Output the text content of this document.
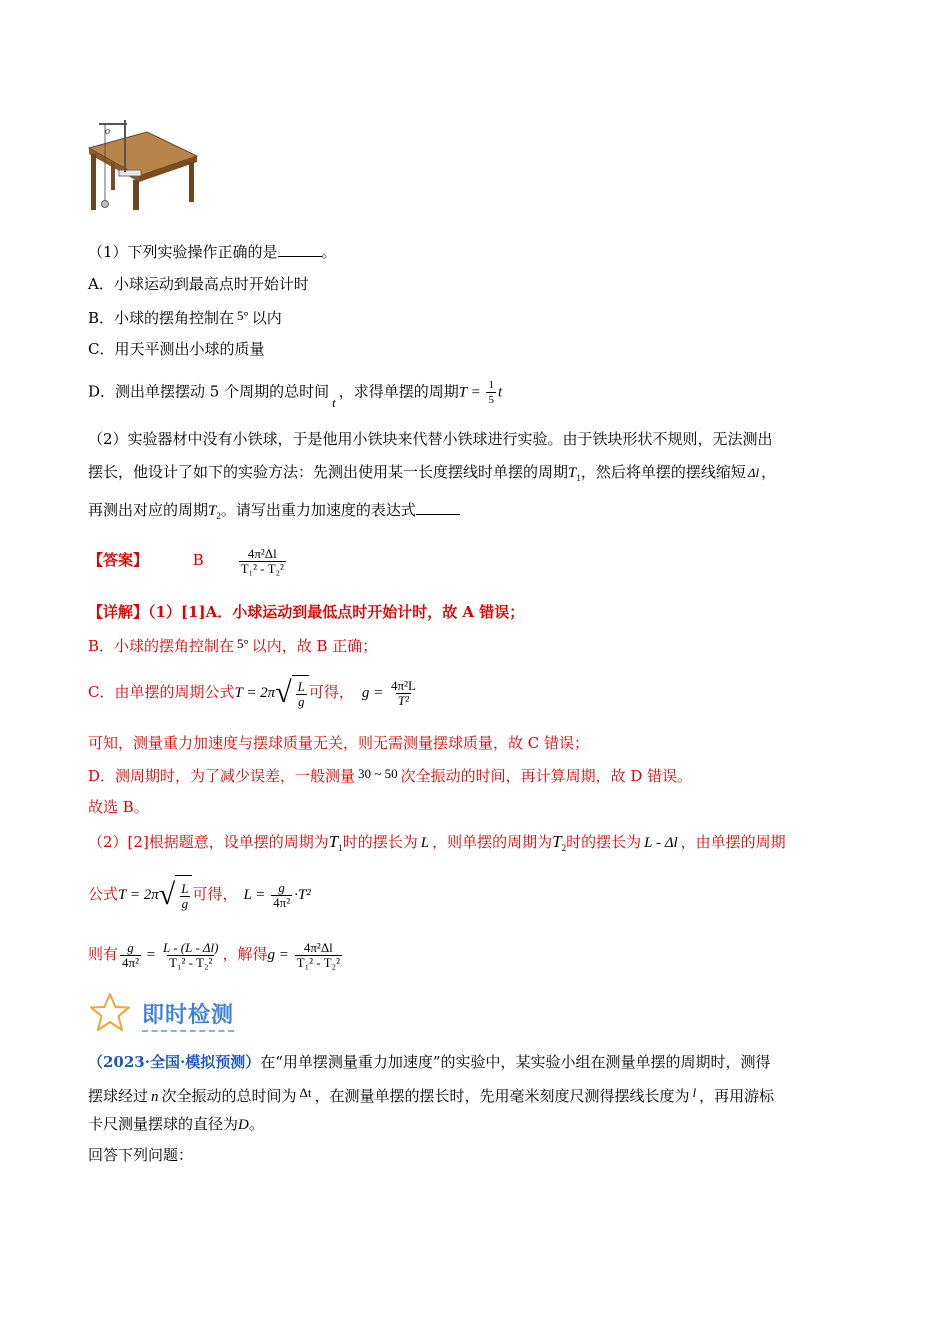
o
（1）下列实验操作正确的是	。
A．小球运动到最高点时开始计时
B．小球的摆角控制在 5° 以内
C．用天平测出小球的质量
D．测出单摆摆动 5 个周期的总时间t，求得单摆的周期$T = \frac{1}{5}$ t
（2）实验器材中没有小铁球，于是他用小铁块来代替小铁球进行实验。由于铁块形状不规则，无法测出
摆长，他设计了如下的实验方法：先测出使用某一长度摆线时单摆的周期$T_1$，然后将单摆的摆线缩短 Δl ，
再测出对应的周期$T_2$。请写出重力加速度的表达式
【答案】	B	$\frac{\text{4π²Δl}}{\text{T₁² - T₂²}}$
【详解】（1）[1]A．小球运动到最低点时开始计时，故 A 错误；
B．小球的摆角控制在 5° 以内，故 B 正确；
C．由单摆的周期公式T = 2π √ $\frac{L}{g}$ 可得， $g = \frac{\text{4π²L}}{\text{T²}}$
可知，测量重力加速度与摆球质量无关，则无需测量摆球质量，故 C 错误；
D．测周期时，为了减少误差，一般测量 30 ~ 50 次全振动的时间，再计算周期，故 D 错误。
故选 B。
（2）[2]根据题意，设单摆的周期为$T_1$时的摆长为 L ，则单摆的周期为$T_2$时的摆长为 L - Δl ，由单摆的周期
公式T = 2π √ $\frac{L}{g}$ 可得， $L = \frac{g}{\text{4π²}} \cdot T^2$
则有 $\frac{g}{\text{4π²}} = \frac{L - (L - \Delta l)}{\text{T₁² - T₂²}}$ ，解得$g = \frac{\text{4π²Δl}}{\text{T₁² - T₂²}}$
即时检测
（2023·全国·模拟预测）在“用单摆测量重力加速度”的实验中，某实验小组在测量单摆的周期时，测得
摆球经过 n 次全振动的总时间为 Δt ，在测量单摆的摆长时，先用毫米刻度尺测得摆线长度为 l ，再用游标
卡尺测量摆球的直径为D。
回答下列问题：
